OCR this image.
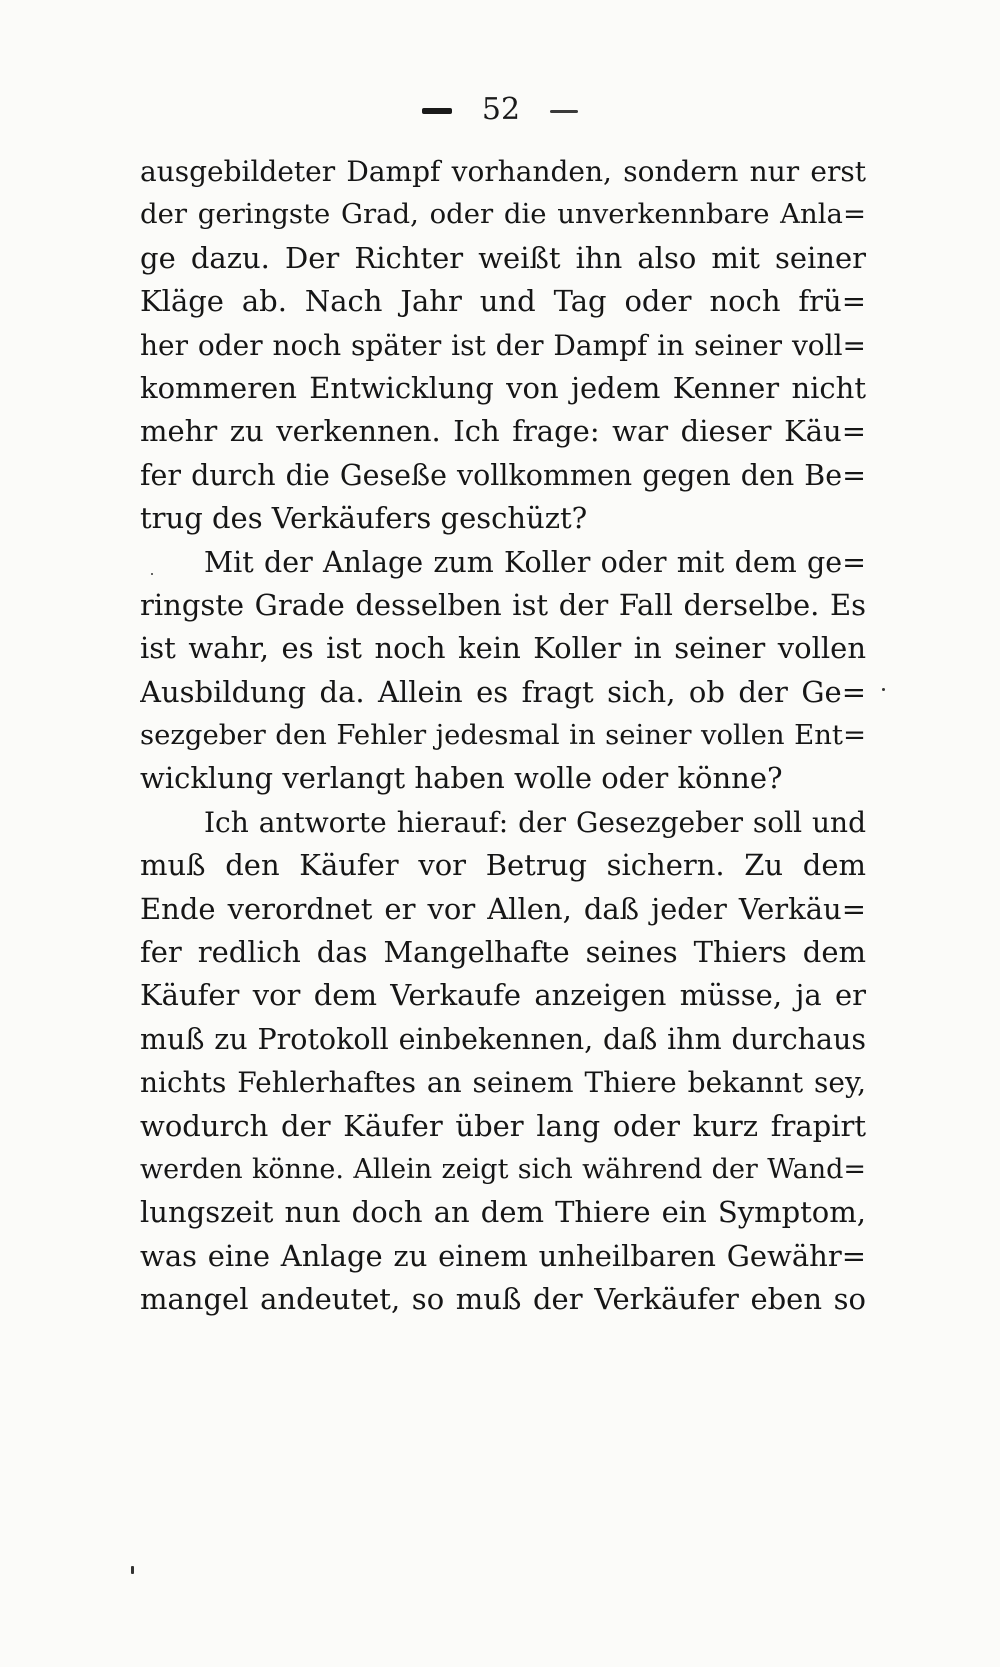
52
ausgebildeter Dampf vorhanden, sondern nur erst
der geringste Grad, oder die unverkennbare Anla=
ge dazu. Der Richter weißt ihn also mit seiner
Kläge ab. Nach Jahr und Tag oder noch frü=
her oder noch später ist der Dampf in seiner voll=
kommeren Entwicklung von jedem Kenner nicht
mehr zu verkennen. Ich frage: war dieser Käu=
fer durch die Geseße vollkommen gegen den Be=
trug des Verkäufers geschüzt?
Mit der Anlage zum Koller oder mit dem ge=
ringste Grade desselben ist der Fall derselbe. Es
ist wahr, es ist noch kein Koller in seiner vollen
Ausbildung da. Allein es fragt sich, ob der Ge=
sezgeber den Fehler jedesmal in seiner vollen Ent=
wicklung verlangt haben wolle oder könne?
Ich antworte hierauf: der Gesezgeber soll und
muß den Käufer vor Betrug sichern. Zu dem
Ende verordnet er vor Allen, daß jeder Verkäu=
fer redlich das Mangelhafte seines Thiers dem
Käufer vor dem Verkaufe anzeigen müsse, ja er
muß zu Protokoll einbekennen, daß ihm durchaus
nichts Fehlerhaftes an seinem Thiere bekannt sey,
wodurch der Käufer über lang oder kurz frapirt
werden könne. Allein zeigt sich während der Wand=
lungszeit nun doch an dem Thiere ein Symptom,
was eine Anlage zu einem unheilbaren Gewähr=
mangel andeutet, so muß der Verkäufer eben so
